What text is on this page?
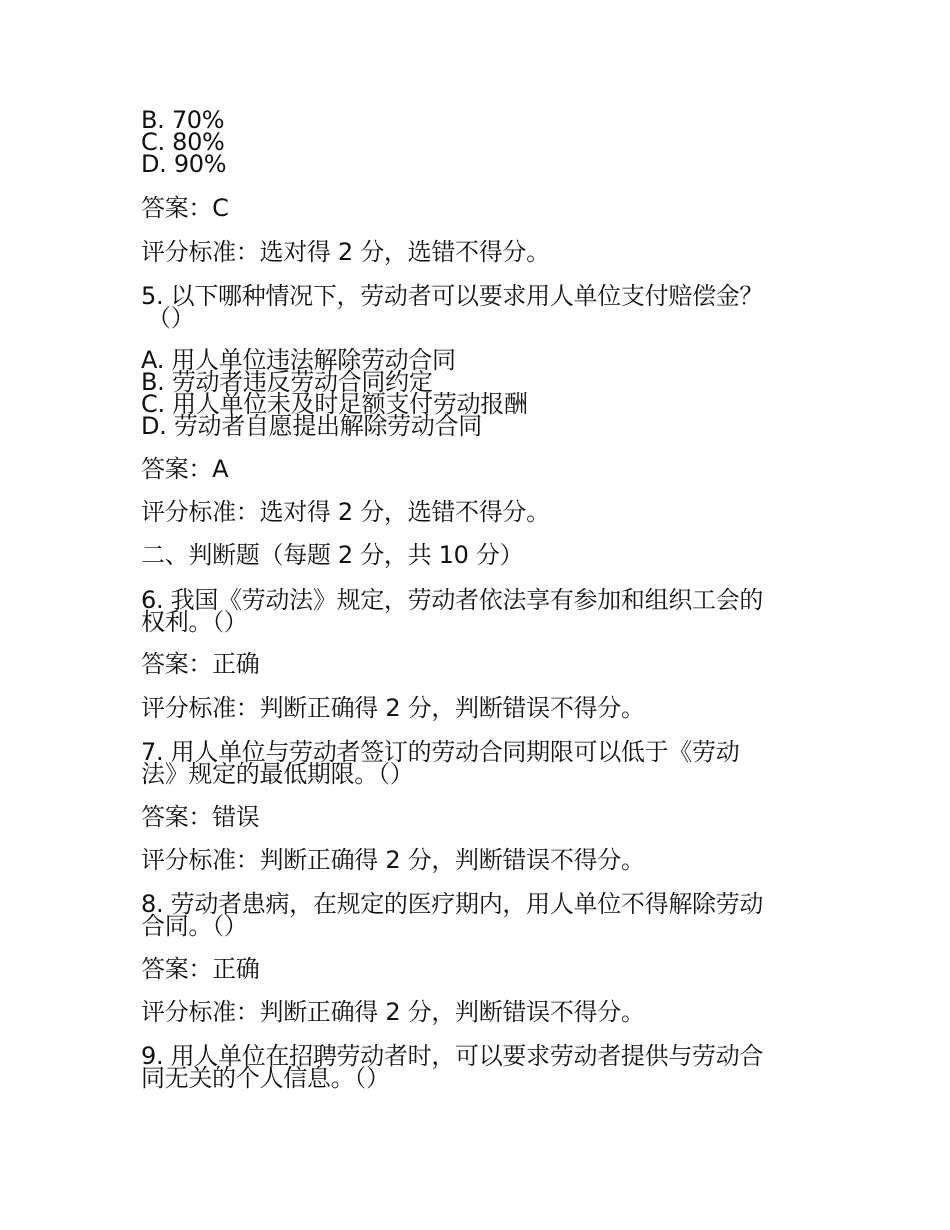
B. 70%

C. 80%

D. 90%

答案：C

评分标准：选对得 2 分，选错不得分。

5. 以下哪种情况下，劳动者可以要求用人单位支付赔偿金？

（）

A. 用人单位违法解除劳动合同

B. 劳动者违反劳动合同约定

C. 用人单位未及时足额支付劳动报酬

D. 劳动者自愿提出解除劳动合同

答案：A

评分标准：选对得 2 分，选错不得分。

二、判断题（每题 2 分，共 10 分）

6. 我国《劳动法》规定，劳动者依法享有参加和组织工会的

权利。（）

答案：正确

评分标准：判断正确得 2 分，判断错误不得分。

7. 用人单位与劳动者签订的劳动合同期限可以低于《劳动

法》规定的最低期限。（）

答案：错误

评分标准：判断正确得 2 分，判断错误不得分。

8. 劳动者患病，在规定的医疗期内，用人单位不得解除劳动

合同。（）

答案：正确

评分标准：判断正确得 2 分，判断错误不得分。

9. 用人单位在招聘劳动者时，可以要求劳动者提供与劳动合

同无关的个人信息。（）
